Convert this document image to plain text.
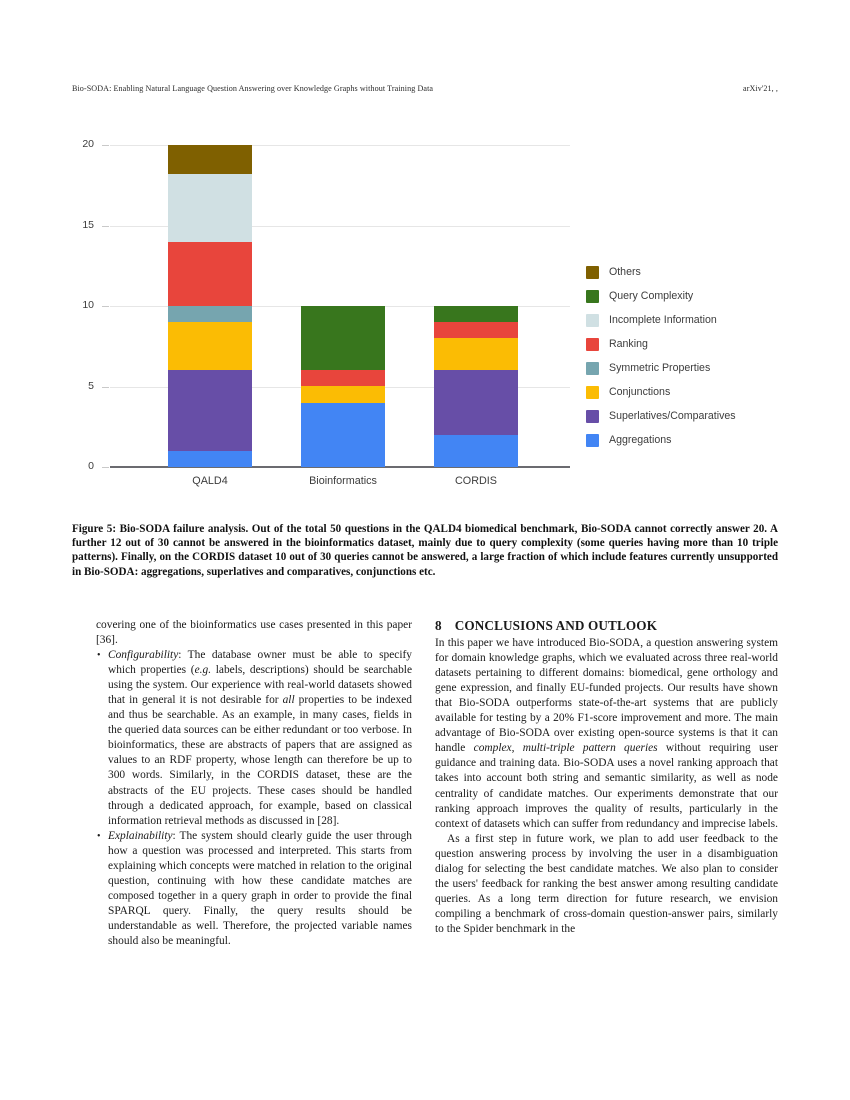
Bio-SODA: Enabling Natural Language Question Answering over Knowledge Graphs without Training Data	arXiv'21, ,
0
5
10
15
20
QALD4	Bioinformatics	CORDIS
Others
Query Complexity
Incomplete Information
Ranking
Symmetric Properties
Conjunctions
Superlatives/Comparatives
Aggregations
Figure 5: Bio-SODA failure analysis. Out of the total 50 questions in the QALD4 biomedical benchmark, Bio-SODA cannot correctly answer 20. A further 12 out of 30 cannot be answered in the bioinformatics dataset, mainly due to query complexity (some queries having more than 10 triple patterns). Finally, on the CORDIS dataset 10 out of 30 queries cannot be answered, a large fraction of which include features currently unsupported in Bio-SODA: aggregations, superlatives and comparatives, conjunctions etc.

covering one of the bioinformatics use cases presented in this paper [36].

• Configurability: The database owner must be able to specify which properties (e.g. labels, descriptions) should be searchable using the system. Our experience with real-world datasets showed that in general it is not desirable for all properties to be indexed and thus be searchable. As an example, in many cases, fields in the queried data sources can be either redundant or too verbose. In bioinformatics, these are abstracts of papers that are assigned as values to an RDF property, whose length can therefore be up to 300 words. Similarly, in the CORDIS dataset, these are the abstracts of the EU projects. These cases should be handled through a dedicated approach, for example, based on classical information retrieval methods as discussed in [28].
• Explainability: The system should clearly guide the user through how a question was processed and interpreted. This starts from explaining which concepts were matched in relation to the original question, continuing with how these candidate matches are composed together in a query graph in order to provide the final SPARQL query. Finally, the query results should be understandable as well. Therefore, the projected variable names should also be meaningful.
8 CONCLUSIONS AND OUTLOOK

In this paper we have introduced Bio-SODA, a question answering system for domain knowledge graphs, which we evaluated across three real-world datasets pertaining to different domains: biomedical, gene orthology and gene expression, and finally EU-funded projects. Our results have shown that Bio-SODA outperforms state-of-the-art systems that are publicly available for testing by a 20% F1-score improvement and more. The main advantage of Bio-SODA over existing open-source systems is that it can handle complex, multi-triple pattern queries without requiring user guidance and training data. Bio-SODA uses a novel ranking approach that takes into account both string and semantic similarity, as well as node centrality of candidate matches. Our experiments demonstrate that our ranking approach improves the quality of results, particularly in the context of datasets which can suffer from redundancy and imprecise labels.

As a first step in future work, we plan to add user feedback to the question answering process by involving the user in a disambiguation dialog for selecting the best candidate matches. We also plan to consider the users' feedback for ranking the best answer among resulting candidate queries. As a long term direction for future research, we envision compiling a benchmark of cross-domain question-answer pairs, similarly to the Spider benchmark in the
